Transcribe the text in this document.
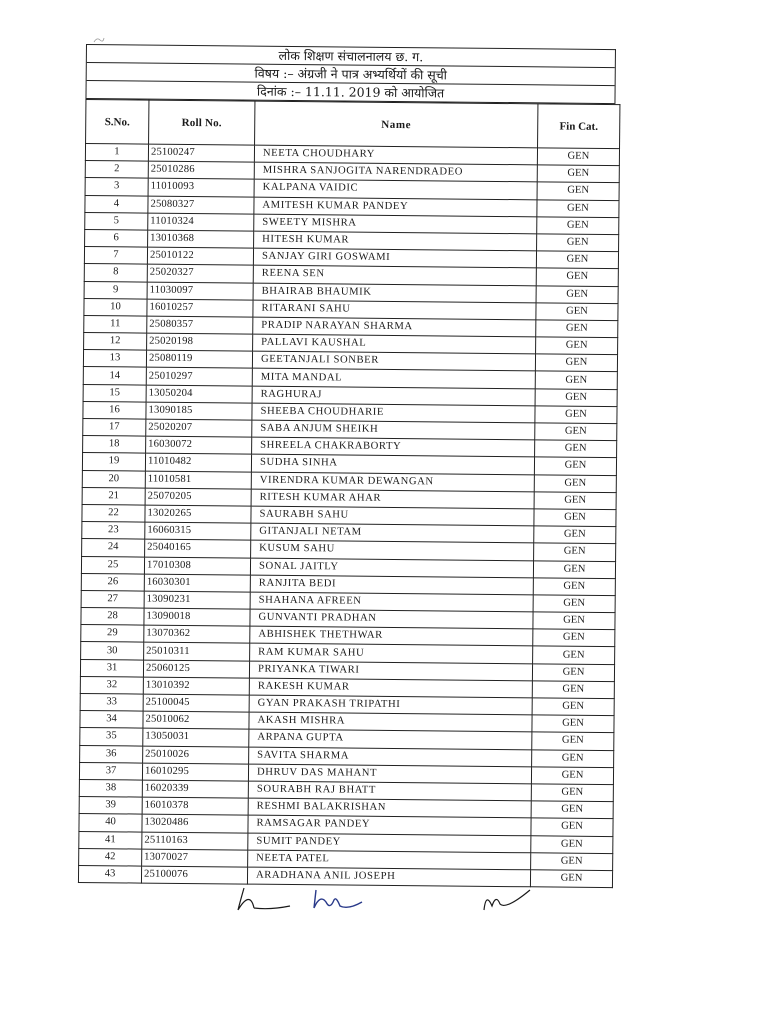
लोक शिक्षण संचालनालय छ. ग.
विषय :– अंग्रजी ने पात्र अभ्यर्थियों की सूची
दिनांक :– 11.11. 2019 को आयोजित
S.No.	Roll No.	Name	Fin Cat.
1	25100247	NEETA CHOUDHARY	GEN
2	25010286	MISHRA SANJOGITA NARENDRADEO	GEN
3	11010093	KALPANA VAIDIC	GEN
4	25080327	AMITESH KUMAR PANDEY	GEN
5	11010324	SWEETY MISHRA	GEN
6	13010368	HITESH KUMAR	GEN
7	25010122	SANJAY GIRI GOSWAMI	GEN
8	25020327	REENA SEN	GEN
9	11030097	BHAIRAB BHAUMIK	GEN
10	16010257	RITARANI SAHU	GEN
11	25080357	PRADIP NARAYAN SHARMA	GEN
12	25020198	PALLAVI KAUSHAL	GEN
13	25080119	GEETANJALI SONBER	GEN
14	25010297	MITA MANDAL	GEN
15	13050204	RAGHURAJ	GEN
16	13090185	SHEEBA CHOUDHARIE	GEN
17	25020207	SABA ANJUM SHEIKH	GEN
18	16030072	SHREELA CHAKRABORTY	GEN
19	11010482	SUDHA SINHA	GEN
20	11010581	VIRENDRA KUMAR DEWANGAN	GEN
21	25070205	RITESH KUMAR AHAR	GEN
22	13020265	SAURABH SAHU	GEN
23	16060315	GITANJALI NETAM	GEN
24	25040165	KUSUM SAHU	GEN
25	17010308	SONAL JAITLY	GEN
26	16030301	RANJITA BEDI	GEN
27	13090231	SHAHANA AFREEN	GEN
28	13090018	GUNVANTI PRADHAN	GEN
29	13070362	ABHISHEK THETHWAR	GEN
30	25010311	RAM KUMAR SAHU	GEN
31	25060125	PRIYANKA TIWARI	GEN
32	13010392	RAKESH KUMAR	GEN
33	25100045	GYAN PRAKASH TRIPATHI	GEN
34	25010062	AKASH MISHRA	GEN
35	13050031	ARPANA GUPTA	GEN
36	25010026	SAVITA SHARMA	GEN
37	16010295	DHRUV DAS MAHANT	GEN
38	16020339	SOURABH RAJ BHATT	GEN
39	16010378	RESHMI BALAKRISHAN	GEN
40	13020486	RAMSAGAR PANDEY	GEN
41	25110163	SUMIT PANDEY	GEN
42	13070027	NEETA PATEL	GEN
43	25100076	ARADHANA ANIL JOSEPH	GEN
